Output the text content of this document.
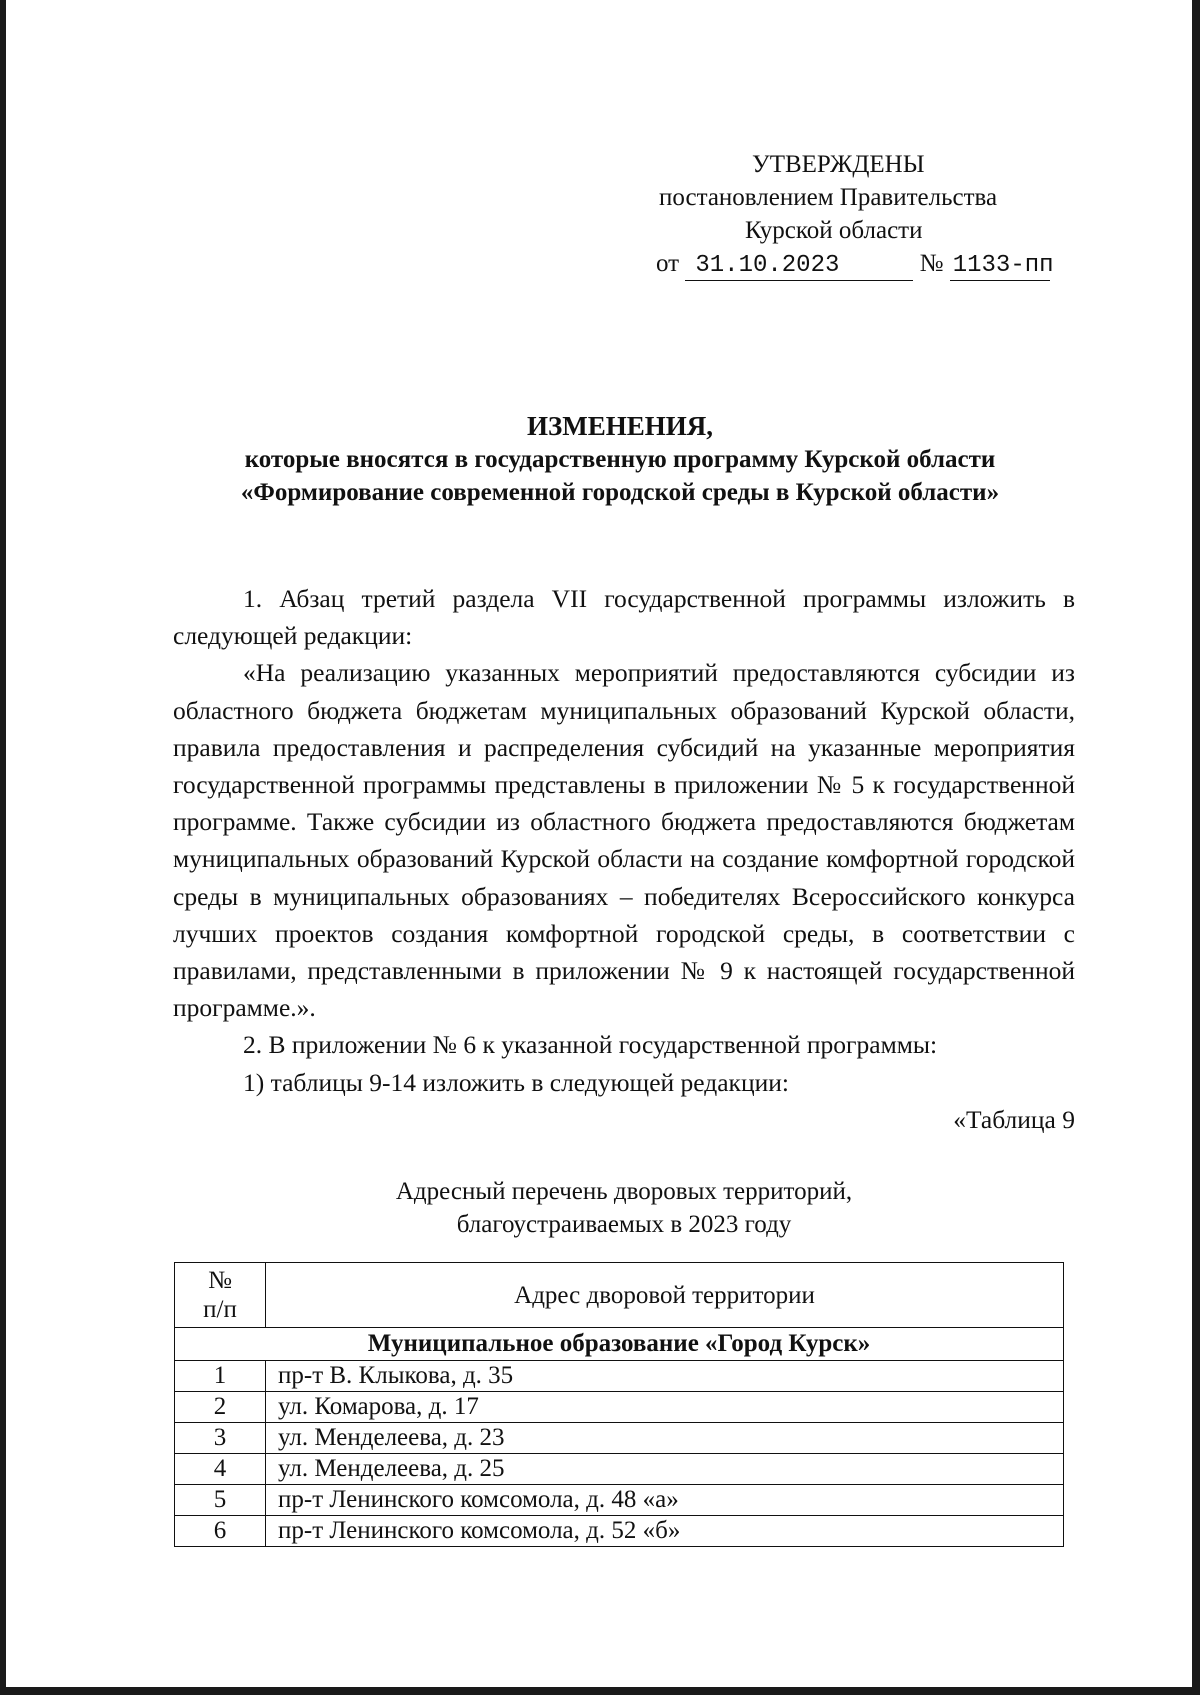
УТВЕРЖДЕНЫ
постановлением Правительства
Курской области
от 31.10.2023	№ 1133-пп
ИЗМЕНЕНИЯ,
которые вносятся в государственную программу Курской области
«Формирование современной городской среды в Курской области»

1. Абзац третий раздела VII государственной программы изложить в следующей редакции:

«На реализацию указанных мероприятий предоставляются субсидии из областного бюджета бюджетам муниципальных образований Курской области, правила предоставления и распределения субсидий на указанные мероприятия государственной программы представлены в приложении № 5 к государственной программе. Также субсидии из областного бюджета предоставляются бюджетам муниципальных образований Курской области на создание комфортной городской среды в муниципальных образованиях – победителях Всероссийского конкурса лучших проектов создания комфортной городской среды, в соответствии с правилами, представленными в приложении № 9 к настоящей государственной программе.».

2. В приложении № 6 к указанной государственной программы:

1) таблицы 9-14 изложить в следующей редакции:

«Таблица 9

Адресный перечень дворовых территорий,
благоустраиваемых в 2023 году
№
п/п	Адрес дворовой территории
Муниципальное образование «Город Курск»	
1	пр-т В. Клыкова, д. 35
2	ул. Комарова, д. 17
3	ул. Менделеева, д. 23
4	ул. Менделеева, д. 25
5	пр-т Ленинского комсомола, д. 48 «а»
6	пр-т Ленинского комсомола, д. 52 «б»
